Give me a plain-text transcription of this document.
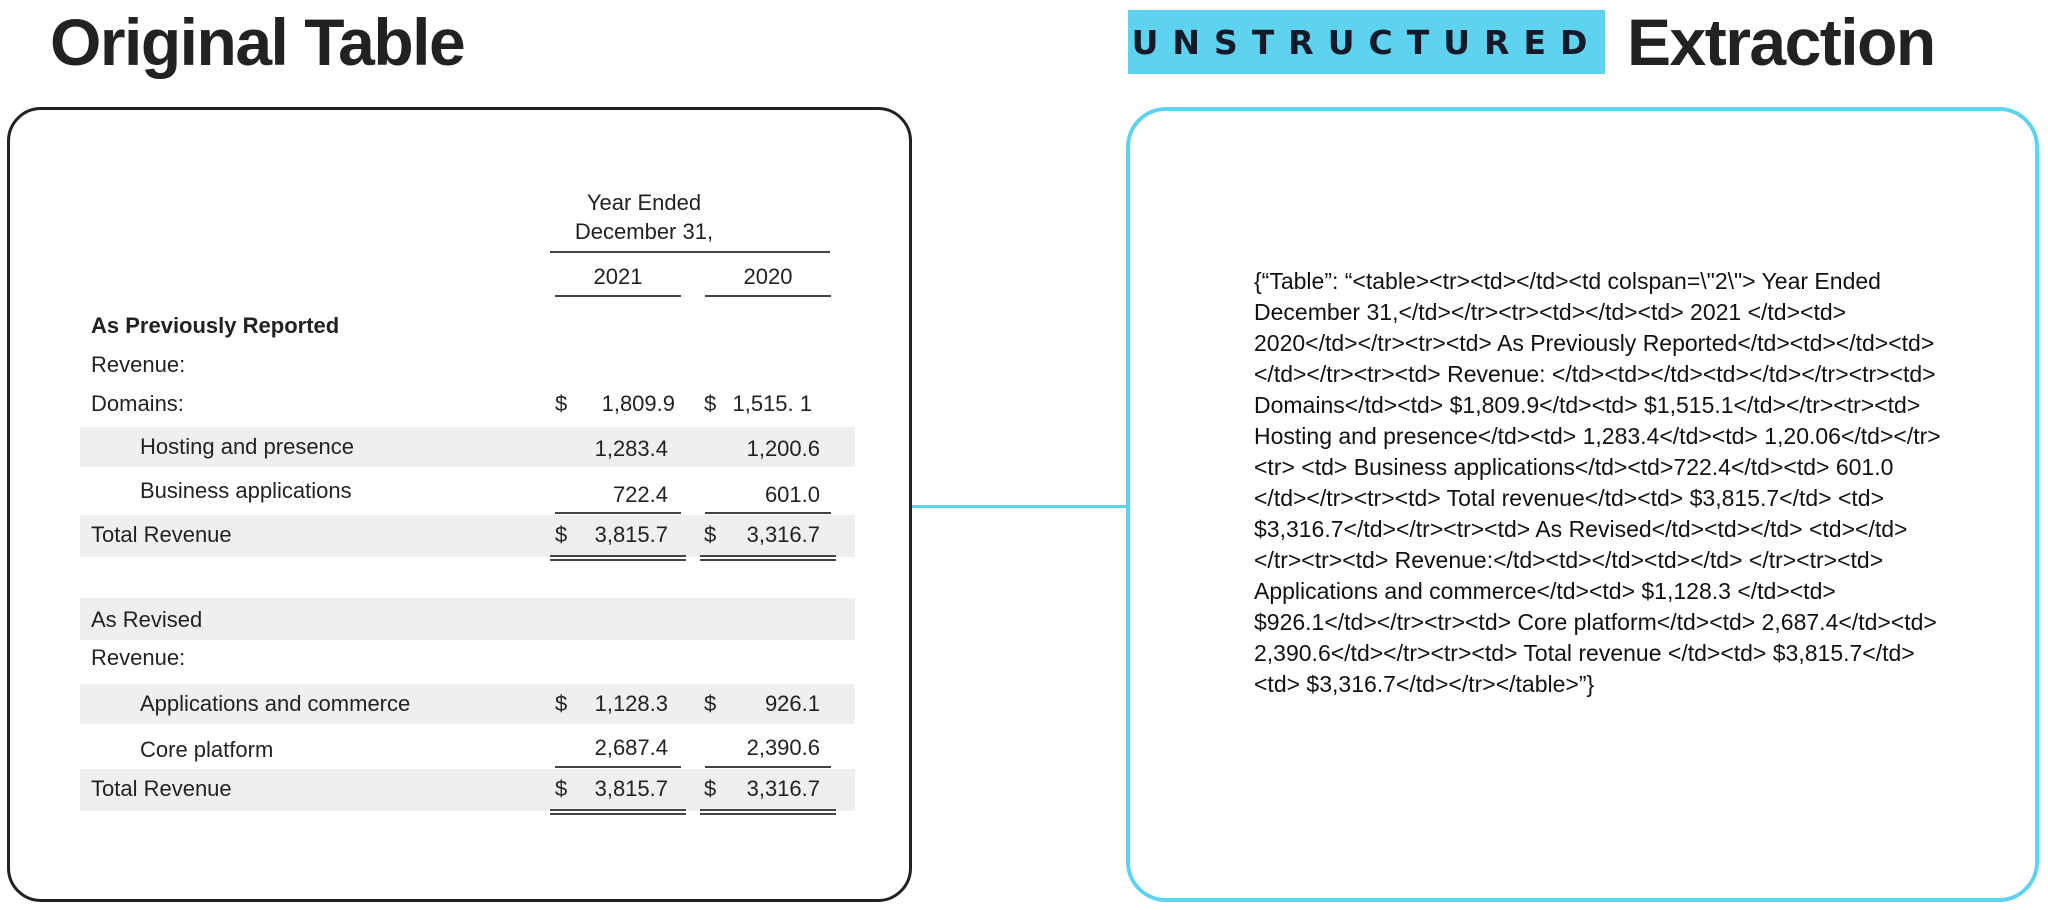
Original Table	UNSTRUCTURED Extraction
Year Ended
December 31,
2021	2020
As Previously Reported
Revenue:
Domains:	$	1,809.9 $ 1,515. 1
Hosting and presence	1,283.4	1,200.6
Business applications	722.4	601.0
Total Revenue	$	3,815.7 $	3,316.7
As Revised
Revenue:
Applications and commerce	$	1,128.3 $	926.1
Core platform	2,687.4	2,390.6
Total Revenue	$	3,815.7 $	3,316.7
{“Table”: “<table><tr><td></td><td colspan=\"2\"> Year Ended December 31,</td></tr><tr><td></td><td> 2021 </td><td> 2020</td></tr><tr><td> As Previously Reported</td><td></td><td></td></tr><tr><td> Revenue: </td><td></td><td></td></tr><tr><td> Domains</td><td> $1,809.9</td><td> $1,515.1</td></tr><tr><td> Hosting and presence</td><td> 1,283.4</td><td> 1,20.06</td></tr><tr> <td> Business applications</td><td>722.4</td><td> 601.0 </td></tr><tr><td> Total revenue</td><td> $3,815.7</td> <td> $3,316.7</td></tr><tr><td> As Revised</td><td></td> <td></td></tr><tr><td> Revenue:</td><td></td><td></td> </tr><tr><td> Applications and commerce</td><td> $1,128.3 </td><td> $926.1</td></tr><tr><td> Core platform</td><td> 2,687.4</td><td> 2,390.6</td></tr><tr><td> Total revenue </td><td> $3,815.7</td><td> $3,316.7</td></tr></table>”}
